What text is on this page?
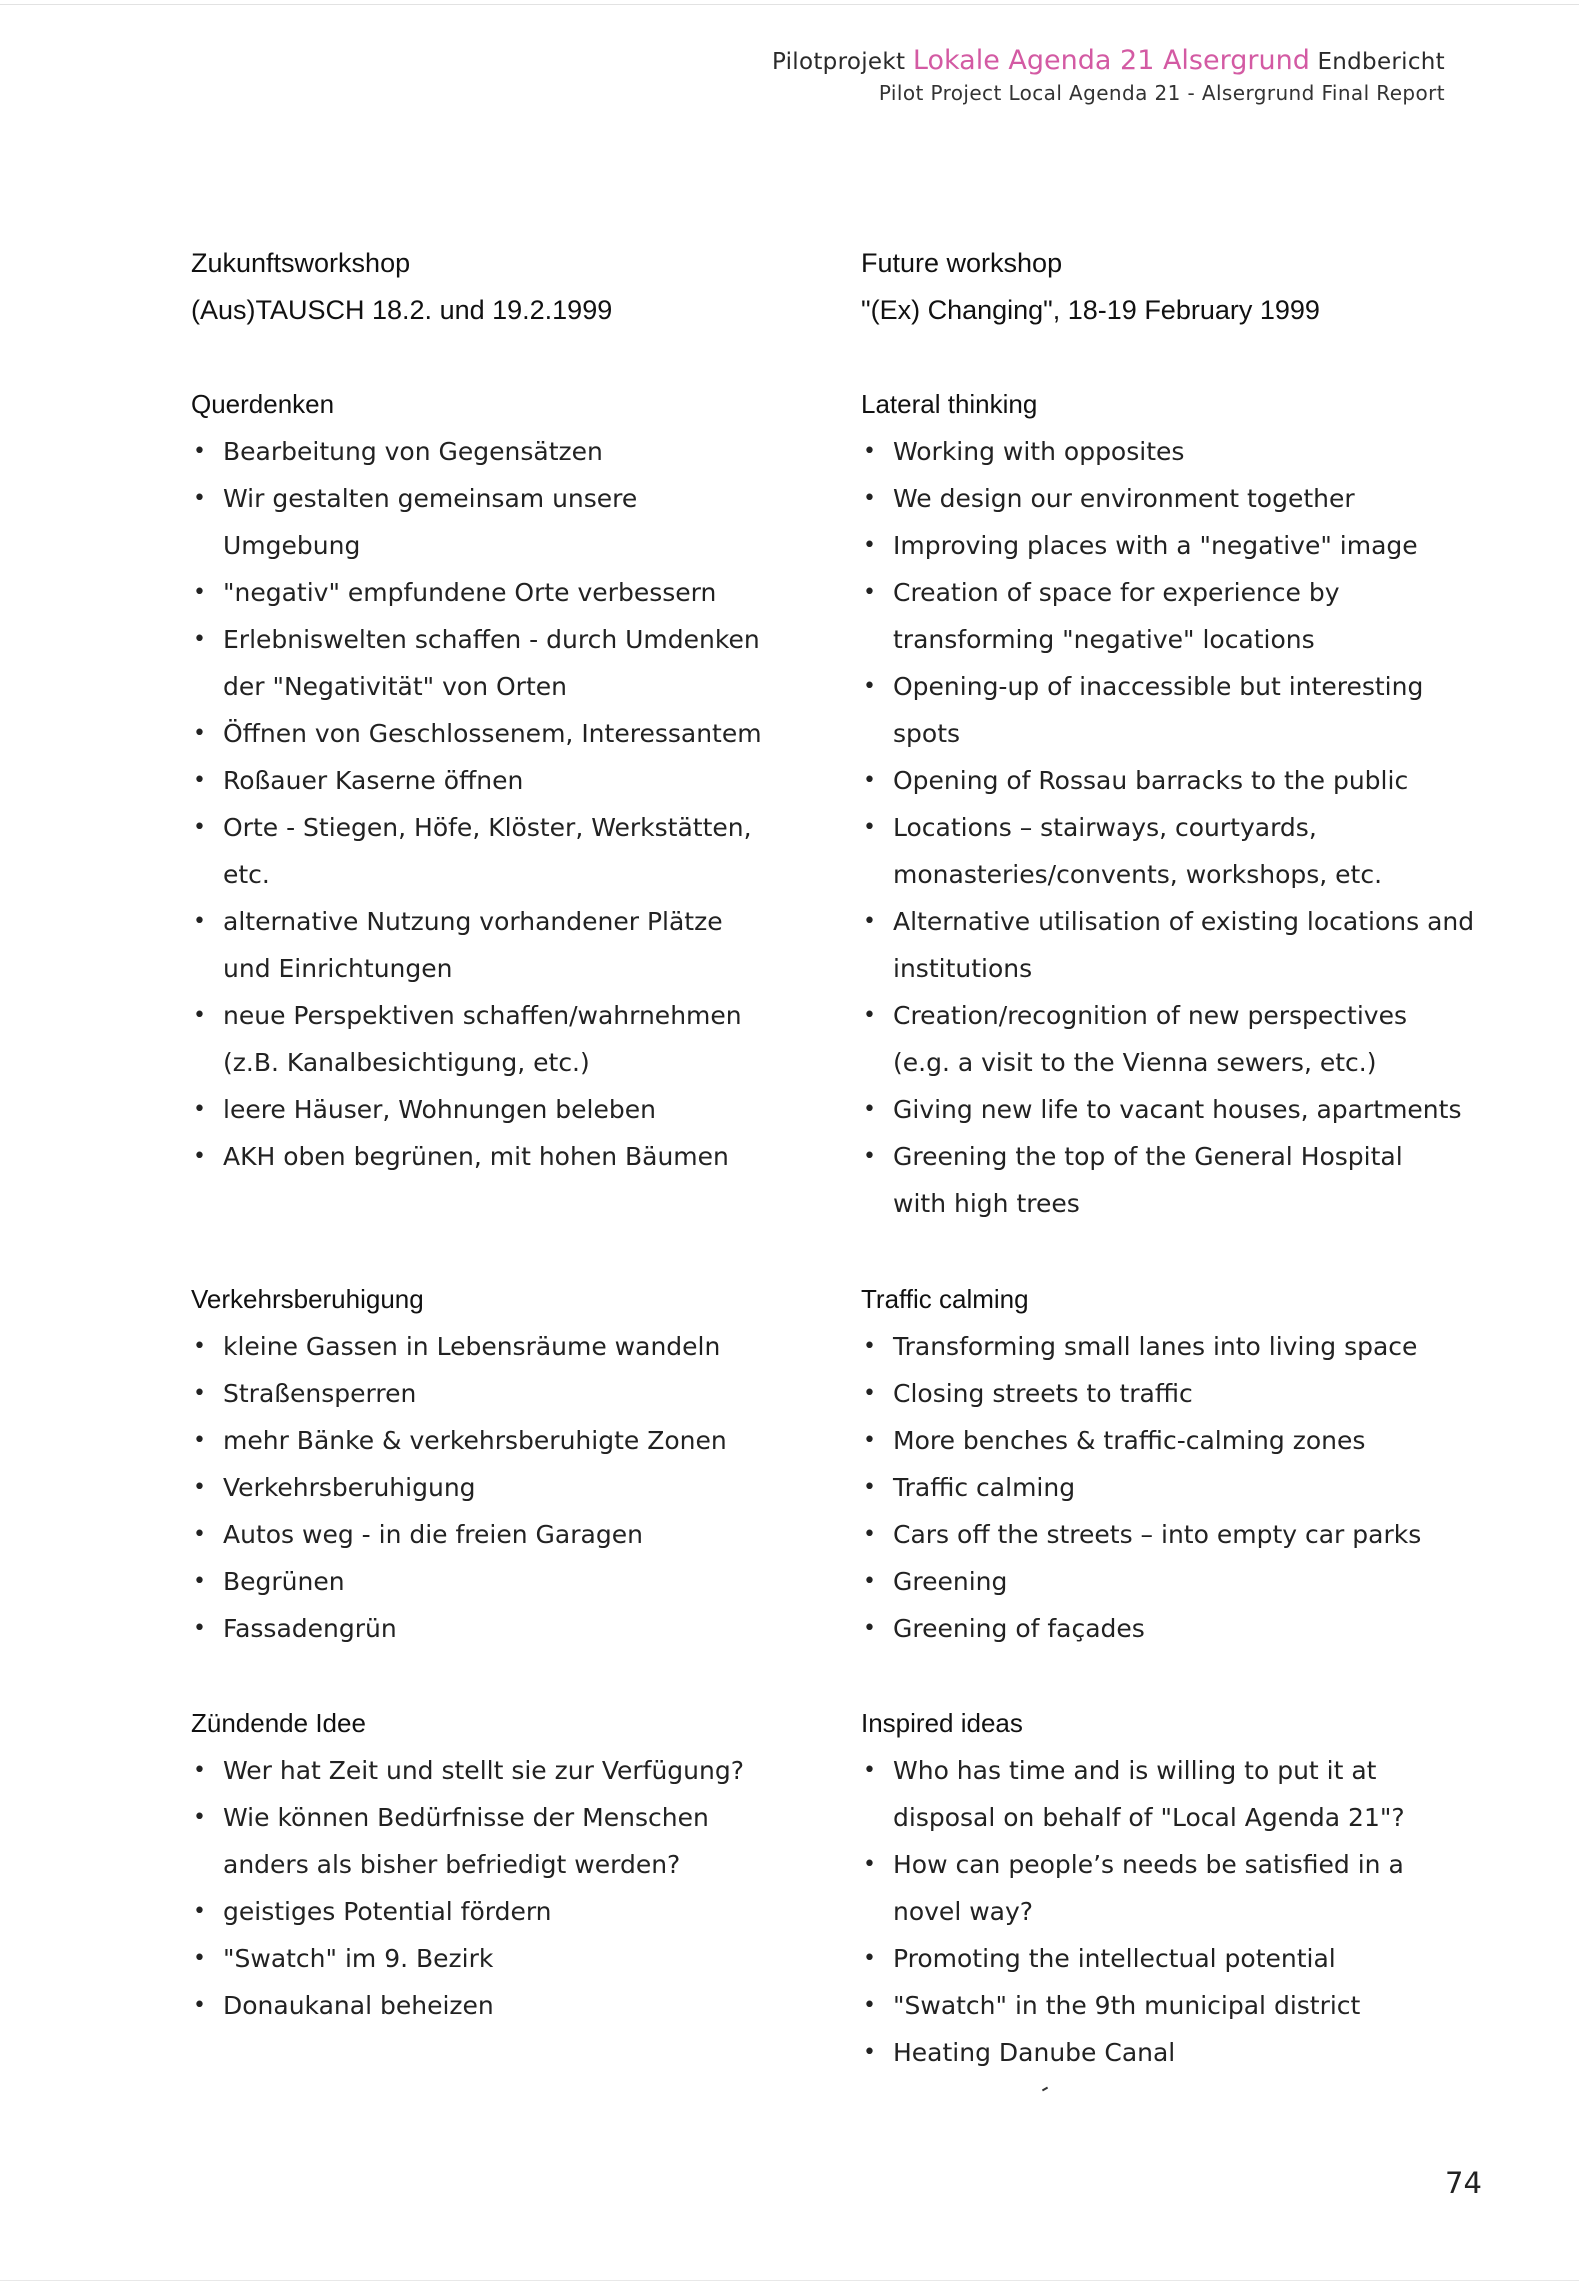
Pilotprojekt Lokale Agenda 21 Alsergrund Endbericht
Pilot Project Local Agenda 21 - Alsergrund Final Report
Zukunftsworkshop
(Aus)TAUSCH 18.2. und 19.2.1999
Querdenken
• Bearbeitung von Gegensätzen
• Wir gestalten gemeinsam unsere Umgebung
• "negativ" empfundene Orte verbessern
• Erlebniswelten schaffen - durch Umdenken der "Negativität" von Orten
• Öffnen von Geschlossenem, Interessantem
• Roßauer Kaserne öffnen
• Orte - Stiegen, Höfe, Klöster, Werkstätten, etc.
• alternative Nutzung vorhandener Plätze und Einrichtungen
• neue Perspektiven schaffen/wahrnehmen (z.B. Kanalbesichtigung, etc.)
• leere Häuser, Wohnungen beleben
• AKH oben begrünen, mit hohen Bäumen
Verkehrsberuhigung
• kleine Gassen in Lebensräume wandeln
• Straßensperren
• mehr Bänke & verkehrsberuhigte Zonen
• Verkehrsberuhigung
• Autos weg - in die freien Garagen
• Begrünen
• Fassadengrün
Zündende Idee
• Wer hat Zeit und stellt sie zur Verfügung?
• Wie können Bedürfnisse der Menschen anders als bisher befriedigt werden?
• geistiges Potential fördern
• "Swatch" im 9. Bezirk
• Donaukanal beheizen
Future workshop
"(Ex) Changing", 18-19 February 1999
Lateral thinking
• Working with opposites
• We design our environment together
• Improving places with a "negative" image
• Creation of space for experience by transforming "negative" locations
• Opening-up of inaccessible but interesting spots
• Opening of Rossau barracks to the public
• Locations – stairways, courtyards, monasteries/convents, workshops, etc.
• Alternative utilisation of existing locations and institutions
• Creation/recognition of new perspectives (e.g. a visit to the Vienna sewers, etc.)
• Giving new life to vacant houses, apartments
• Greening the top of the General Hospital with high trees
Traffic calming
• Transforming small lanes into living space
• Closing streets to traffic
• More benches & traffic-calming zones
• Traffic calming
• Cars off the streets – into empty car parks
• Greening
• Greening of façades
Inspired ideas
• Who has time and is willing to put it at disposal on behalf of "Local Agenda 21"?
• How can people’s needs be satisfied in a novel way?
• Promoting the intellectual potential
• "Swatch" in the 9th municipal district
• Heating Danube Canal
74
